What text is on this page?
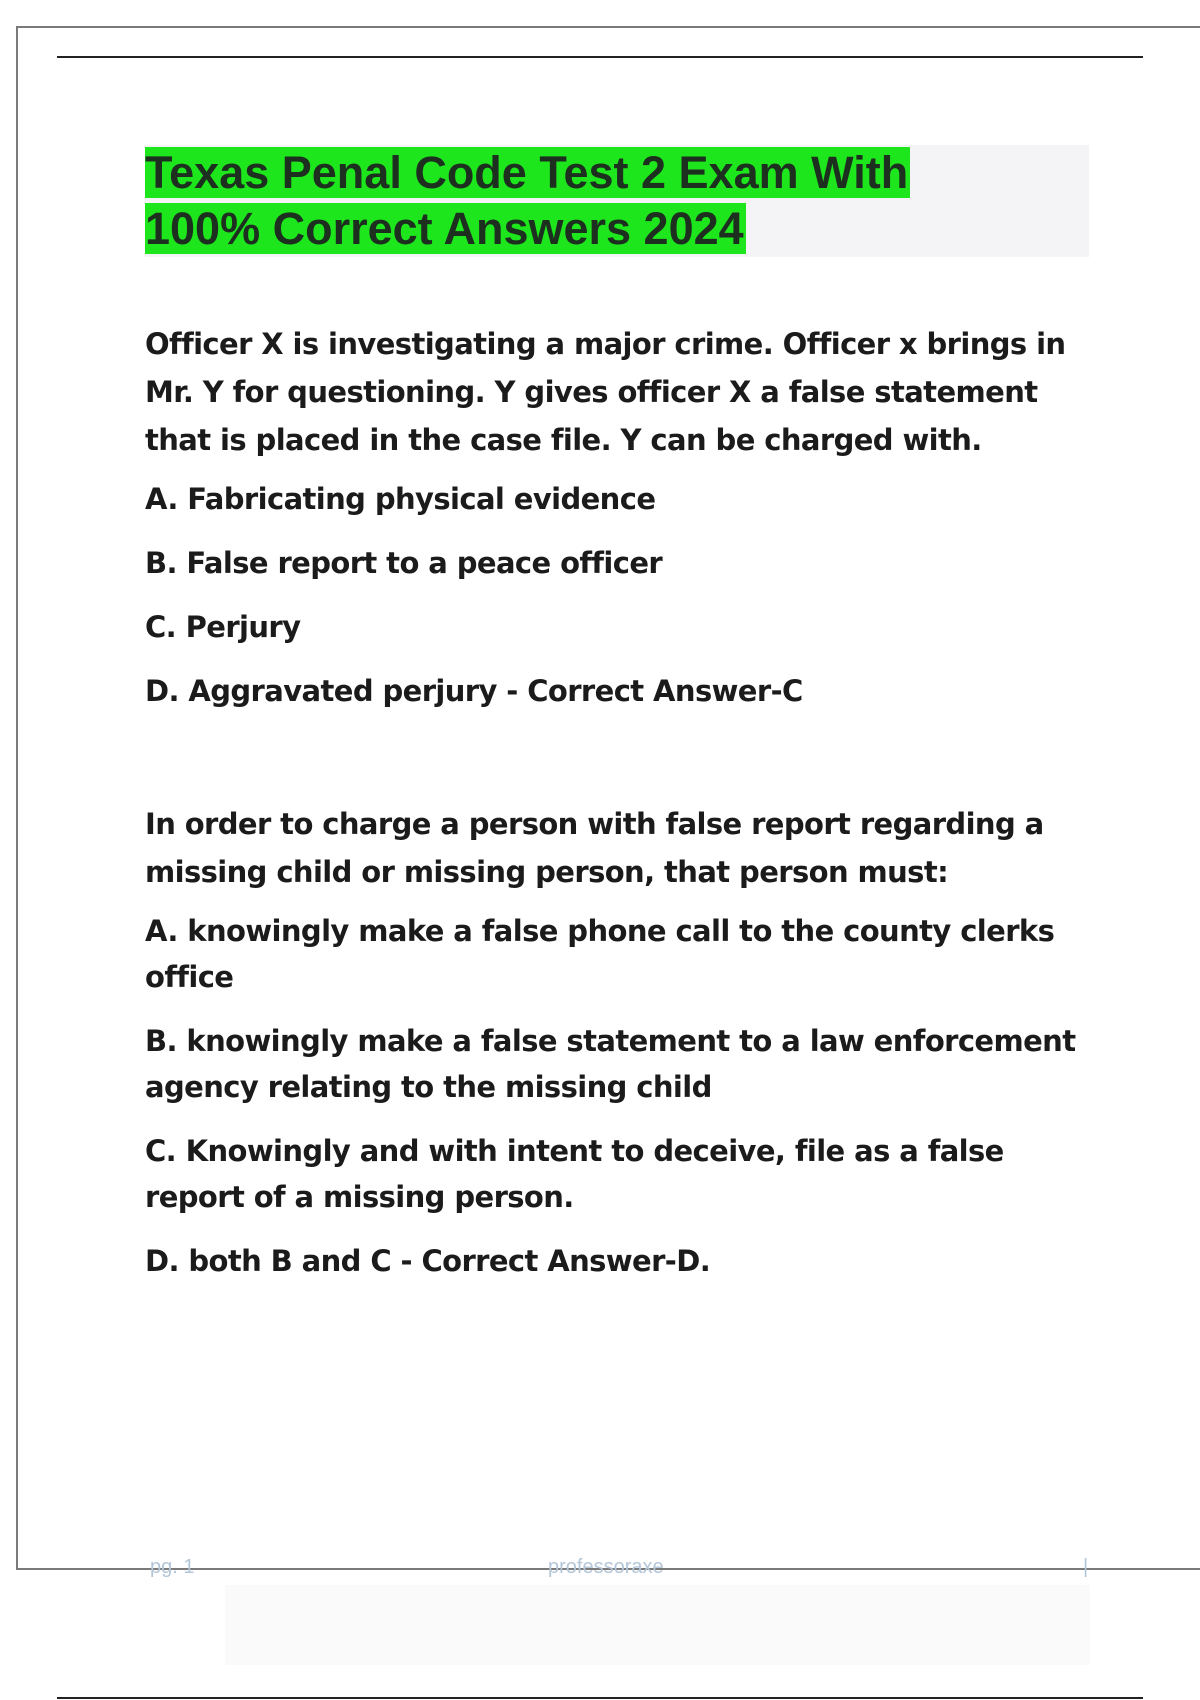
Texas Penal Code Test 2 Exam With
100% Correct Answers 2024

Officer X is investigating a major crime. Officer x brings in Mr. Y for questioning. Y gives officer X a false statement that is placed in the case file. Y can be charged with.

A. Fabricating physical evidence

B. False report to a peace officer

C. Perjury

D. Aggravated perjury - Correct Answer-C

In order to charge a person with false report regarding a missing child or missing person, that person must:

A. knowingly make a false phone call to the county clerks office

B. knowingly make a false statement to a law enforcement agency relating to the missing child

C. Knowingly and with intent to deceive, file as a false report of a missing person.

D. both B and C - Correct Answer-D.

pg. 1	professoraxe	|
